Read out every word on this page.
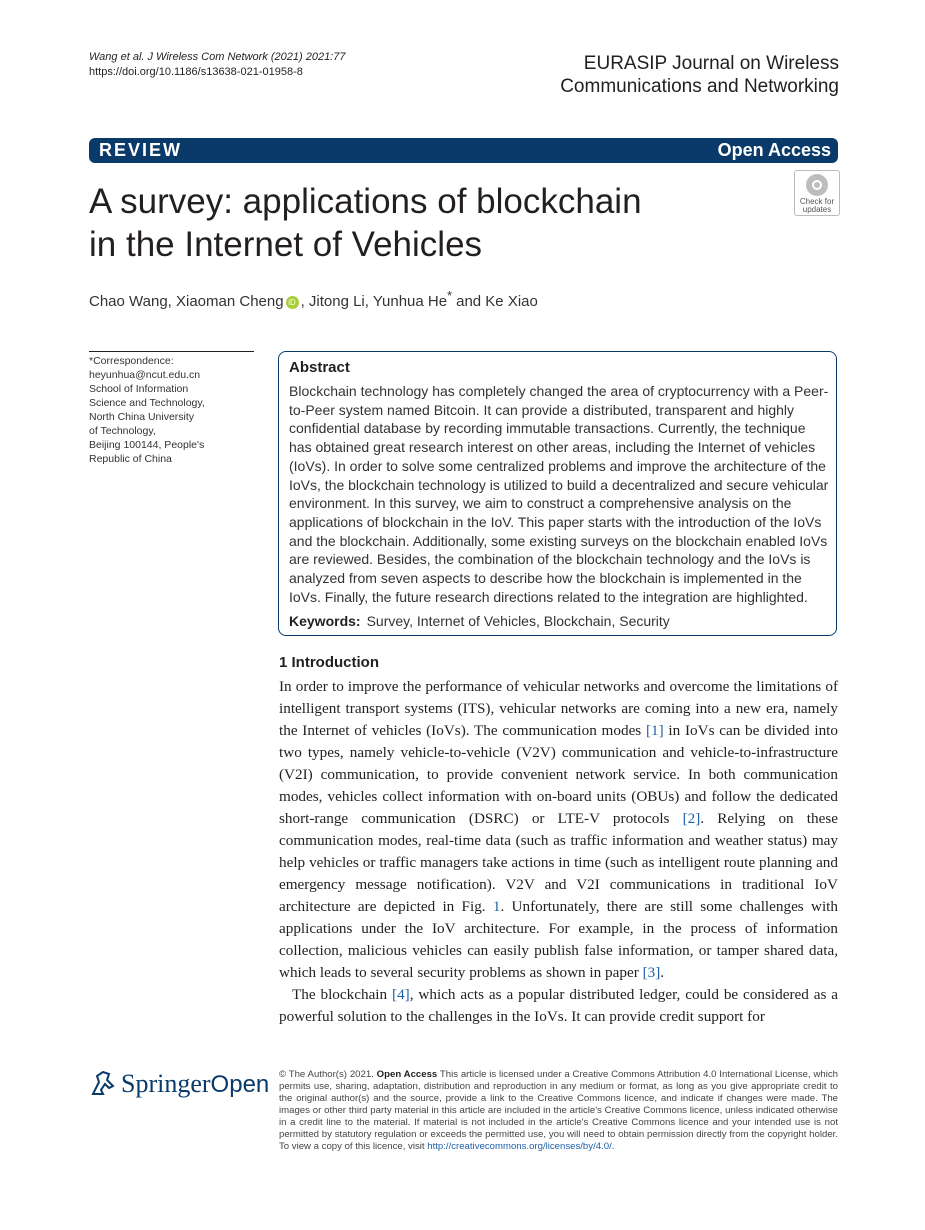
Wang et al. J Wireless Com Network (2021) 2021:77
https://doi.org/10.1186/s13638-021-01958-8	EURASIP Journal on Wireless
Communications and Networking
REVIEW	Open Access
A survey: applications of blockchain
in the Internet of Vehicles
Check for
updates
Chao Wang, Xiaoman Cheng iD , Jitong Li, Yunhua He* and Ke Xiao
*Correspondence:
heyunhua@ncut.edu.cn
School of Information
Science and Technology,
North China University
of Technology,
Beijing 100144, People's
Republic of China
Abstract
Blockchain technology has completely changed the area of cryptocurrency with a Peer-to-Peer system named Bitcoin. It can provide a distributed, transparent and highly confidential database by recording immutable transactions. Currently, the technique has obtained great research interest on other areas, including the Internet of vehicles (IoVs). In order to solve some centralized problems and improve the architecture of the IoVs, the blockchain technology is utilized to build a decentralized and secure vehicular environment. In this survey, we aim to construct a comprehensive analysis on the applications of blockchain in the IoV. This paper starts with the introduction of the IoVs and the blockchain. Additionally, some existing surveys on the blockchain enabled IoVs are reviewed. Besides, the combination of the blockchain technology and the IoVs is analyzed from seven aspects to describe how the blockchain is implemented in the IoVs. Finally, the future research directions related to the integration are highlighted.
Keywords: Survey, Internet of Vehicles, Blockchain, Security
1 Introduction

In order to improve the performance of vehicular networks and overcome the limitations of intelligent transport systems (ITS), vehicular networks are coming into a new era, namely the Internet of vehicles (IoVs). The communication modes [1] in IoVs can be divided into two types, namely vehicle-to-vehicle (V2V) communication and vehicle-to-infrastructure (V2I) communication, to provide convenient network service. In both communication modes, vehicles collect information with on-board units (OBUs) and follow the dedicated short-range communication (DSRC) or LTE-V protocols [2]. Relying on these communication modes, real-time data (such as traffic information and weather status) may help vehicles or traffic managers take actions in time (such as intelligent route planning and emergency message notification). V2V and V2I communications in traditional IoV architecture are depicted in Fig. 1. Unfortunately, there are still some challenges with applications under the IoV architecture. For example, in the process of information collection, malicious vehicles can easily publish false information, or tamper shared data, which leads to several security problems as shown in paper [3].

The blockchain [4], which acts as a popular distributed ledger, could be considered as a powerful solution to the challenges in the IoVs. It can provide credit support for

SpringerOpen © The Author(s) 2021. Open Access This article is licensed under a Creative Commons Attribution 4.0 International License, which permits use, sharing, adaptation, distribution and reproduction in any medium or format, as long as you give appropriate credit to the original author(s) and the source, provide a link to the Creative Commons licence, and indicate if changes were made. The images or other third party material in this article are included in the article's Creative Commons licence, unless indicated otherwise in a credit line to the material. If material is not included in the article's Creative Commons licence and your intended use is not permitted by statutory regulation or exceeds the permitted use, you will need to obtain permission directly from the copyright holder. To view a copy of this licence, visit http://creativecommons.org/licenses/by/4.0/.
